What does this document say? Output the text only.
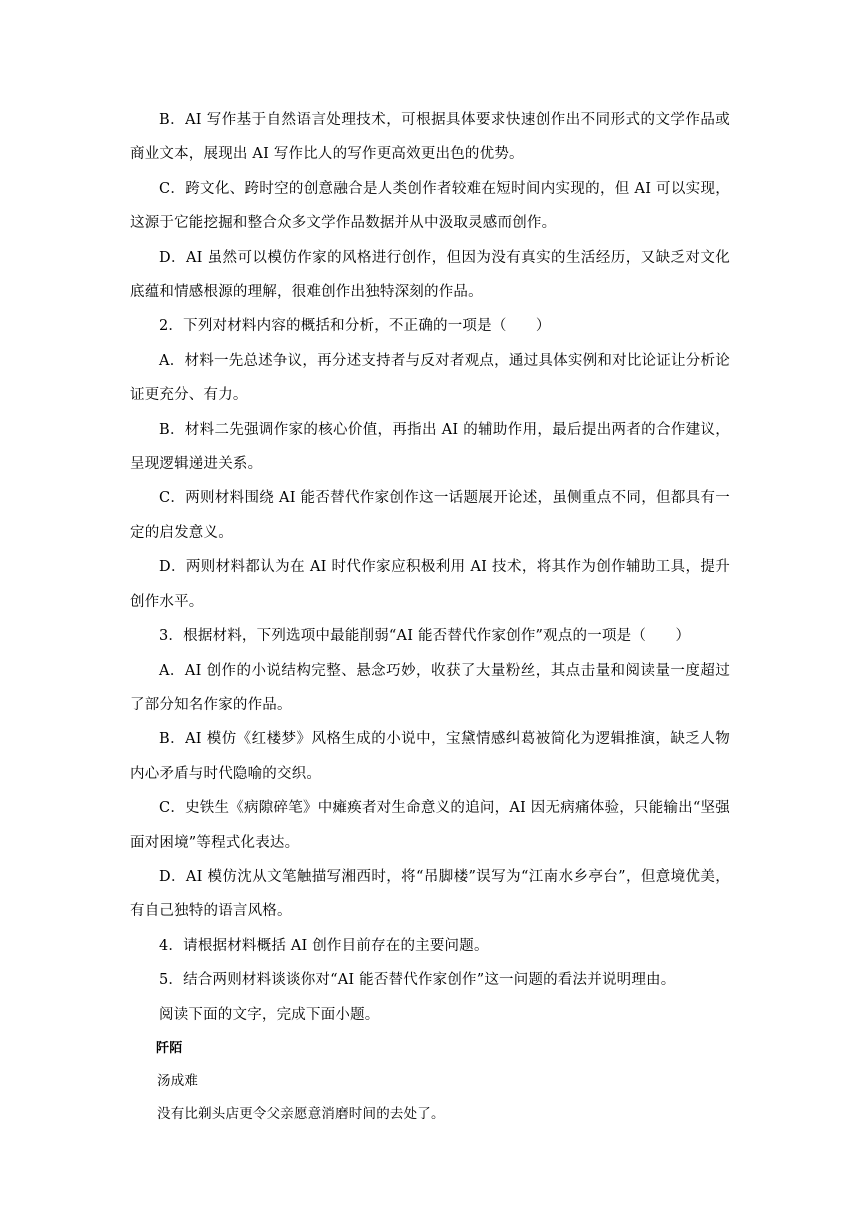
B．AI 写作基于自然语言处理技术，可根据具体要求快速创作出不同形式的文学作品或商业文本，展现出 AI 写作比人的写作更高效更出色的优势。

C．跨文化、跨时空的创意融合是人类创作者较难在短时间内实现的，但 AI 可以实现，这源于它能挖掘和整合众多文学作品数据并从中汲取灵感而创作。

D．AI 虽然可以模仿作家的风格进行创作，但因为没有真实的生活经历，又缺乏对文化底蕴和情感根源的理解，很难创作出独特深刻的作品。

2．下列对材料内容的概括和分析，不正确的一项是（　　）

A．材料一先总述争议，再分述支持者与反对者观点，通过具体实例和对比论证让分析论证更充分、有力。

B．材料二先强调作家的核心价值，再指出 AI 的辅助作用，最后提出两者的合作建议，呈现逻辑递进关系。

C．两则材料围绕 AI 能否替代作家创作这一话题展开论述，虽侧重点不同，但都具有一定的启发意义。

D．两则材料都认为在 AI 时代作家应积极利用 AI 技术，将其作为创作辅助工具，提升创作水平。

3．根据材料，下列选项中最能削弱“AI 能否替代作家创作”观点的一项是（　　）

A．AI 创作的小说结构完整、悬念巧妙，收获了大量粉丝，其点击量和阅读量一度超过了部分知名作家的作品。

B．AI 模仿《红楼梦》风格生成的小说中，宝黛情感纠葛被简化为逻辑推演，缺乏人物内心矛盾与时代隐喻的交织。

C．史铁生《病隙碎笔》中瘫痪者对生命意义的追问，AI 因无病痛体验，只能输出“坚强面对困境”等程式化表达。

D．AI 模仿沈从文笔触描写湘西时，将“吊脚楼”误写为“江南水乡亭台”，但意境优美，有自己独特的语言风格。

4．请根据材料概括 AI 创作目前存在的主要问题。

5．结合两则材料谈谈你对“AI 能否替代作家创作”这一问题的看法并说明理由。

阅读下面的文字，完成下面小题。

阡陌

汤成难

没有比剃头店更令父亲愿意消磨时间的去处了。
